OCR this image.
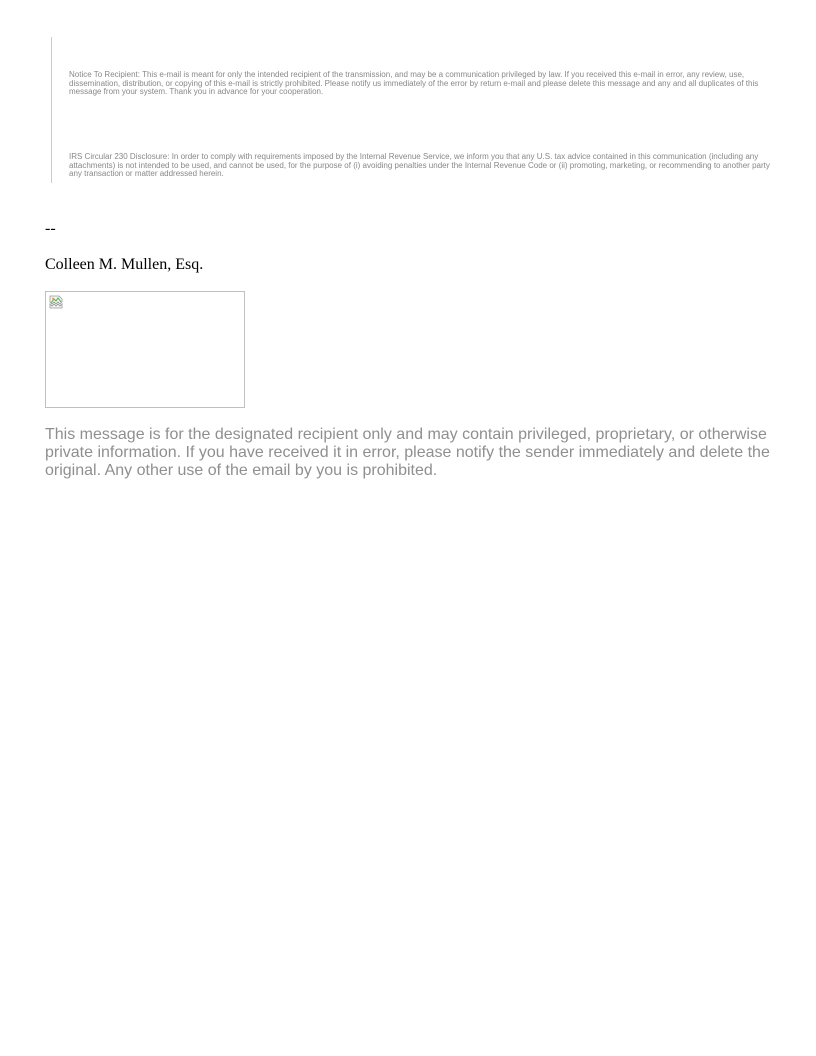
Notice To Recipient: This e-mail is meant for only the intended recipient of the transmission, and may be a communication privileged by law. If you received this e-mail in error, any review, use, dissemination, distribution, or copying of this e-mail is strictly prohibited. Please notify us immediately of the error by return e-mail and please delete this message and any and all duplicates of this message from your system. Thank you in advance for your cooperation.

IRS Circular 230 Disclosure: In order to comply with requirements imposed by the Internal Revenue Service, we inform you that any U.S. tax advice contained in this communication (including any attachments) is not intended to be used, and cannot be used, for the purpose of (i) avoiding penalties under the Internal Revenue Code or (ii) promoting, marketing, or recommending to another party any transaction or matter addressed herein.

--

Colleen M. Mullen, Esq.

This message is for the designated recipient only and may contain privileged, proprietary, or otherwise private information. If you have received it in error, please notify the sender immediately and delete the original. Any other use of the email by you is prohibited.
